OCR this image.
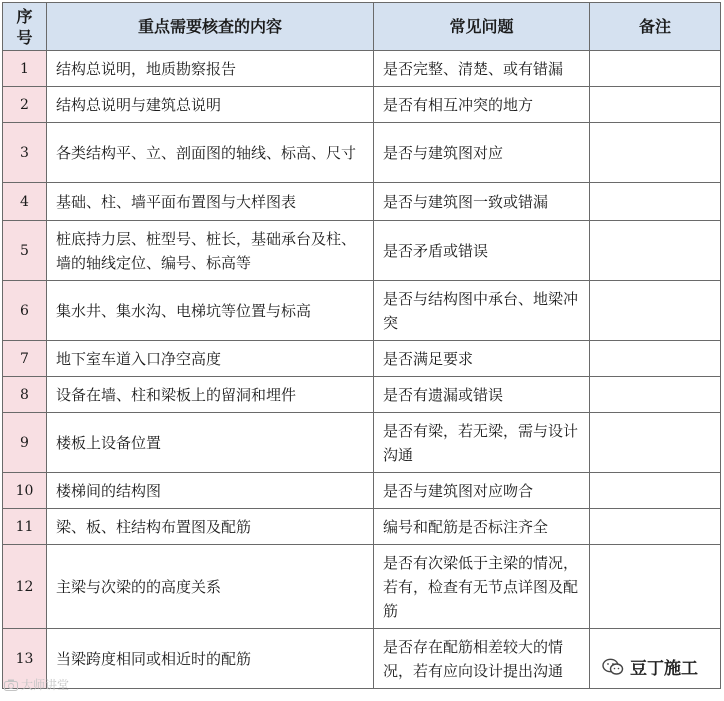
序
号	重点需要核查的内容	常见问题	备注
1	结构总说明，地质勘察报告	是否完整、清楚、或有错漏	
2	结构总说明与建筑总说明	是否有相互冲突的地方	
3	各类结构平、立、剖面图的轴线、标高、尺寸	是否与建筑图对应	
4	基础、柱、墙平面布置图与大样图表	是否与建筑图一致或错漏	
5	桩底持力层、桩型号、桩长，基础承台及柱、墙的轴线定位、编号、标高等	是否矛盾或错误	
6	集水井、集水沟、电梯坑等位置与标高	是否与结构图中承台、地梁冲突	
7	地下室车道入口净空高度	是否满足要求	
8	设备在墙、柱和梁板上的留洞和埋件	是否有遗漏或错误	
9	楼板上设备位置	是否有梁，若无梁，需与设计沟通	
10	楼梯间的结构图	是否与建筑图对应吻合	
11	梁、板、柱结构布置图及配筋	编号和配筋是否标注齐全	
12	主梁与次梁的的高度关系	是否有次梁低于主梁的情况，若有，检查有无节点详图及配筋	
13	当梁跨度相同或相近时的配筋	是否存在配筋相差较大的情况，若有应向设计提出沟通	
大师讲堂
豆丁施工
